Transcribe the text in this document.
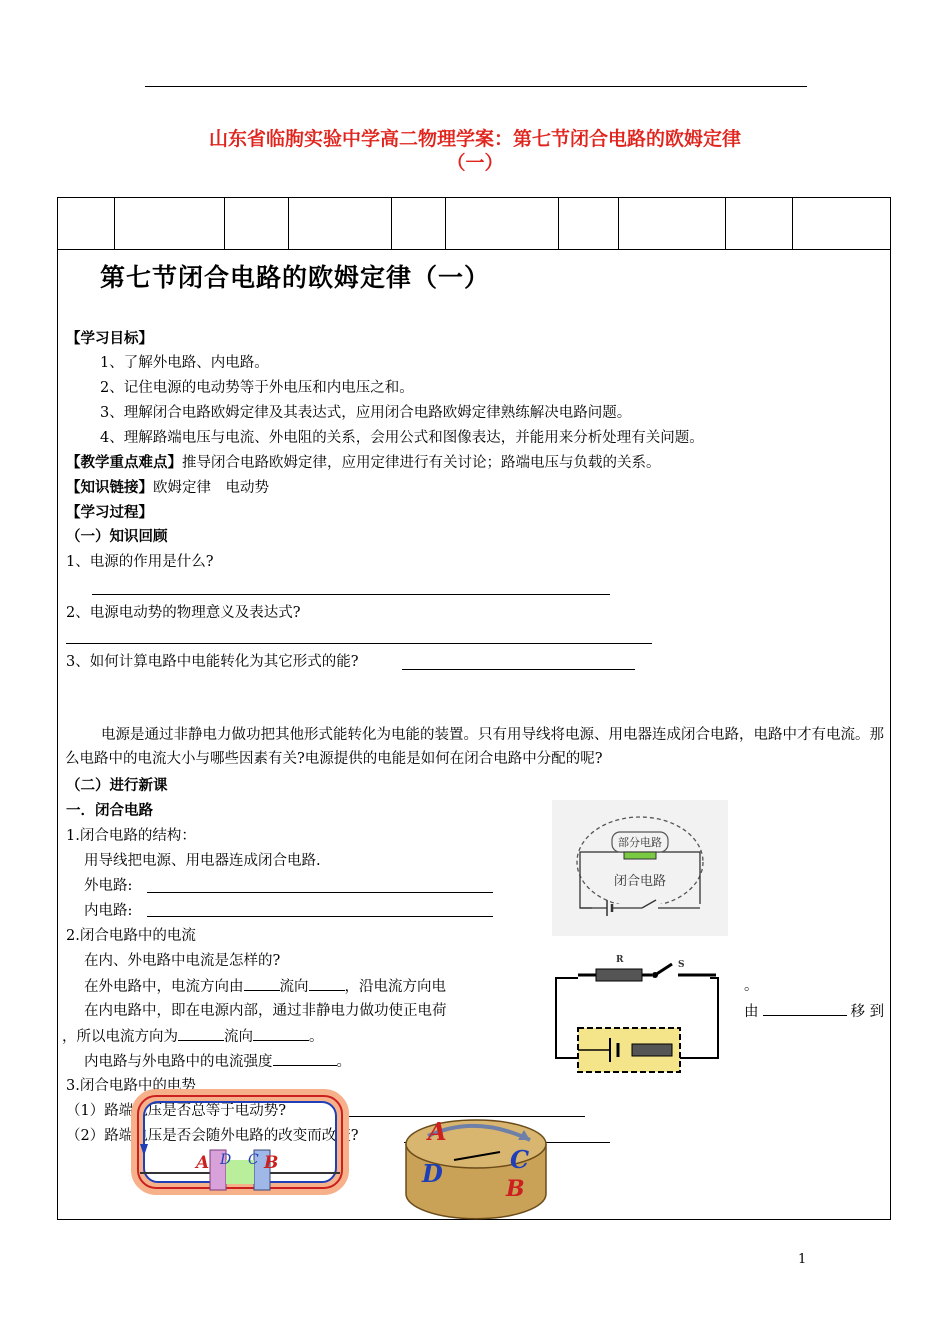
山东省临朐实验中学高二物理学案：第七节闭合电路的欧姆定律
（一）
第七节闭合电路的欧姆定律（一）
【学习目标】
1、了解外电路、内电路。
2、记住电源的电动势等于外电压和内电压之和。
3、理解闭合电路欧姆定律及其表达式，应用闭合电路欧姆定律熟练解决电路问题。
4、理解路端电压与电流、外电阻的关系，会用公式和图像表达，并能用来分析处理有关问题。
【教学重点难点】推导闭合电路欧姆定律，应用定律进行有关讨论；路端电压与负载的关系。
【知识链接】欧姆定律　电动势
【学习过程】
（一）知识回顾
1、电源的作用是什么?
2、电源电动势的物理意义及表达式?
3、如何计算电路中电能转化为其它形式的能?
电源是通过非静电力做功把其他形式能转化为电能的装置。只有用导线将电源、用电器连成闭合电路，电路中才有电流。那么电路中的电流大小与哪些因素有关?电源提供的电能是如何在闭合电路中分配的呢?
（二）进行新课
一．闭合电路
1.闭合电路的结构：
用导线把电源、用电器连成闭合电路.
外电路:
内电路:
2.闭合电路中的电流
在内、外电路中电流是怎样的?
在外电路中，电流方向由 流向 ，沿电流方向电	。
在内电路中，即在电源内部，通过非静电力做功使正电荷	由	移 到
，所以电流方向为	流向	。
内电路与外电路中的电流强度	。
3.闭合电路中的电势
（1）路端电压是否总等于电动势?
（2）路端电压是否会随外电路的改变而改变?
部分电路
闭合电路
R	S
A D C B
A
D	C
B
1
